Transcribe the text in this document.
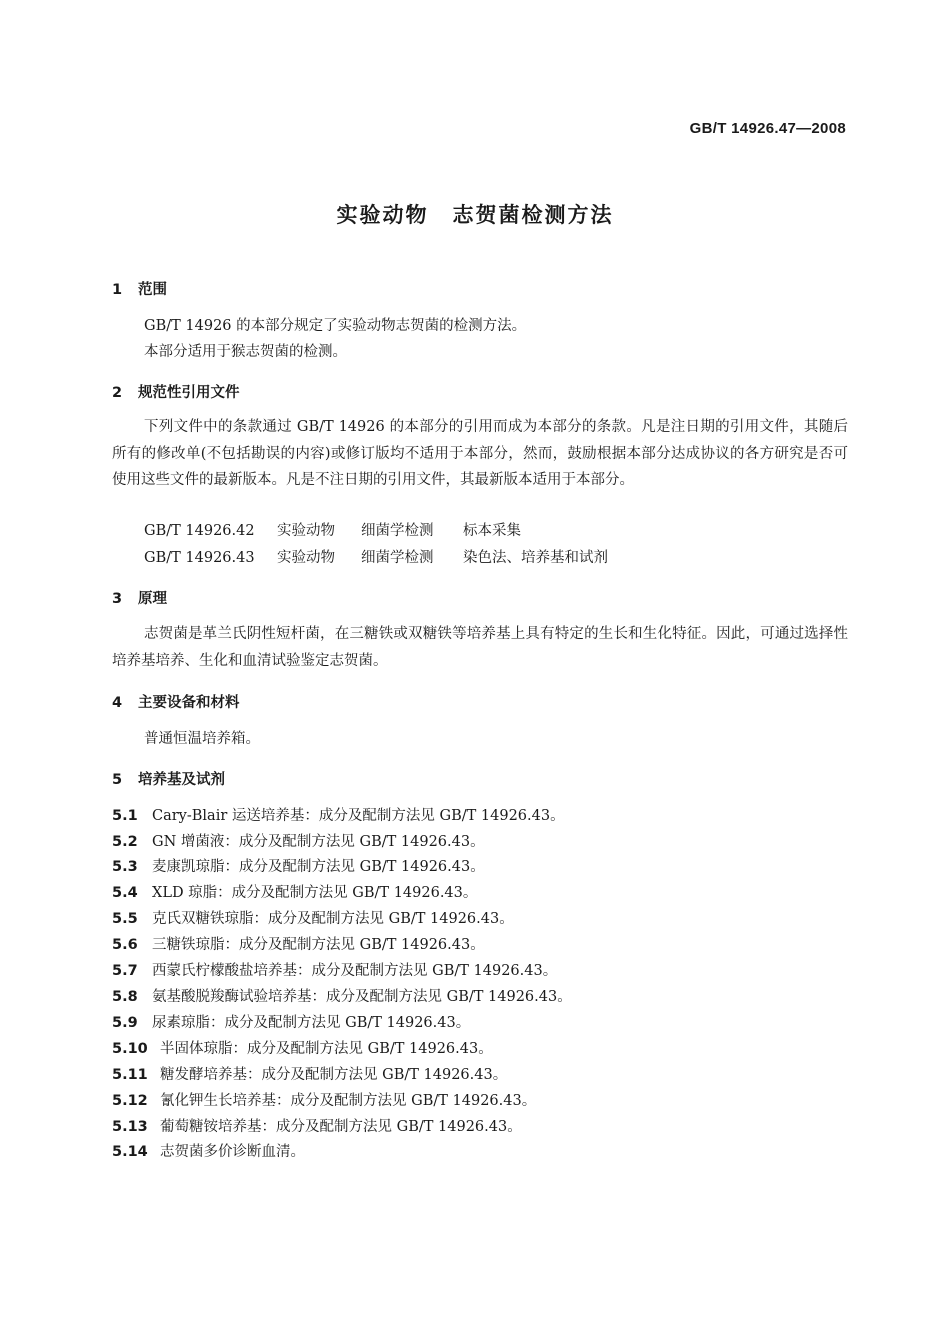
GB/T 14926.47—2008
实验动物 志贺菌检测方法
1 范围
GB/T 14926 的本部分规定了实验动物志贺菌的检测方法。
本部分适用于猴志贺菌的检测。
2 规范性引用文件
下列文件中的条款通过 GB/T 14926 的本部分的引用而成为本部分的条款。凡是注日期的引用文件，其随后所有的修改单(不包括勘误的内容)或修订版均不适用于本部分，然而，鼓励根据本部分达成协议的各方研究是否可使用这些文件的最新版本。凡是不注日期的引用文件，其最新版本适用于本部分。
GB/T 14926.42 实验动物 细菌学检测 标本采集
GB/T 14926.43 实验动物 细菌学检测 染色法、培养基和试剂
3 原理
志贺菌是革兰氏阴性短杆菌，在三糖铁或双糖铁等培养基上具有特定的生长和生化特征。因此，可通过选择性培养基培养、生化和血清试验鉴定志贺菌。
4 主要设备和材料
普通恒温培养箱。
5 培养基及试剂
5.1 Cary-Blair 运送培养基：成分及配制方法见 GB/T 14926.43。
5.2 GN 增菌液：成分及配制方法见 GB/T 14926.43。
5.3 麦康凯琼脂：成分及配制方法见 GB/T 14926.43。
5.4 XLD 琼脂：成分及配制方法见 GB/T 14926.43。
5.5 克氏双糖铁琼脂：成分及配制方法见 GB/T 14926.43。
5.6 三糖铁琼脂：成分及配制方法见 GB/T 14926.43。
5.7 西蒙氏柠檬酸盐培养基：成分及配制方法见 GB/T 14926.43。
5.8 氨基酸脱羧酶试验培养基：成分及配制方法见 GB/T 14926.43。
5.9 尿素琼脂：成分及配制方法见 GB/T 14926.43。
5.10 半固体琼脂：成分及配制方法见 GB/T 14926.43。
5.11 糖发酵培养基：成分及配制方法见 GB/T 14926.43。
5.12 氰化钾生长培养基：成分及配制方法见 GB/T 14926.43。
5.13 葡萄糖铵培养基：成分及配制方法见 GB/T 14926.43。
5.14 志贺菌多价诊断血清。
